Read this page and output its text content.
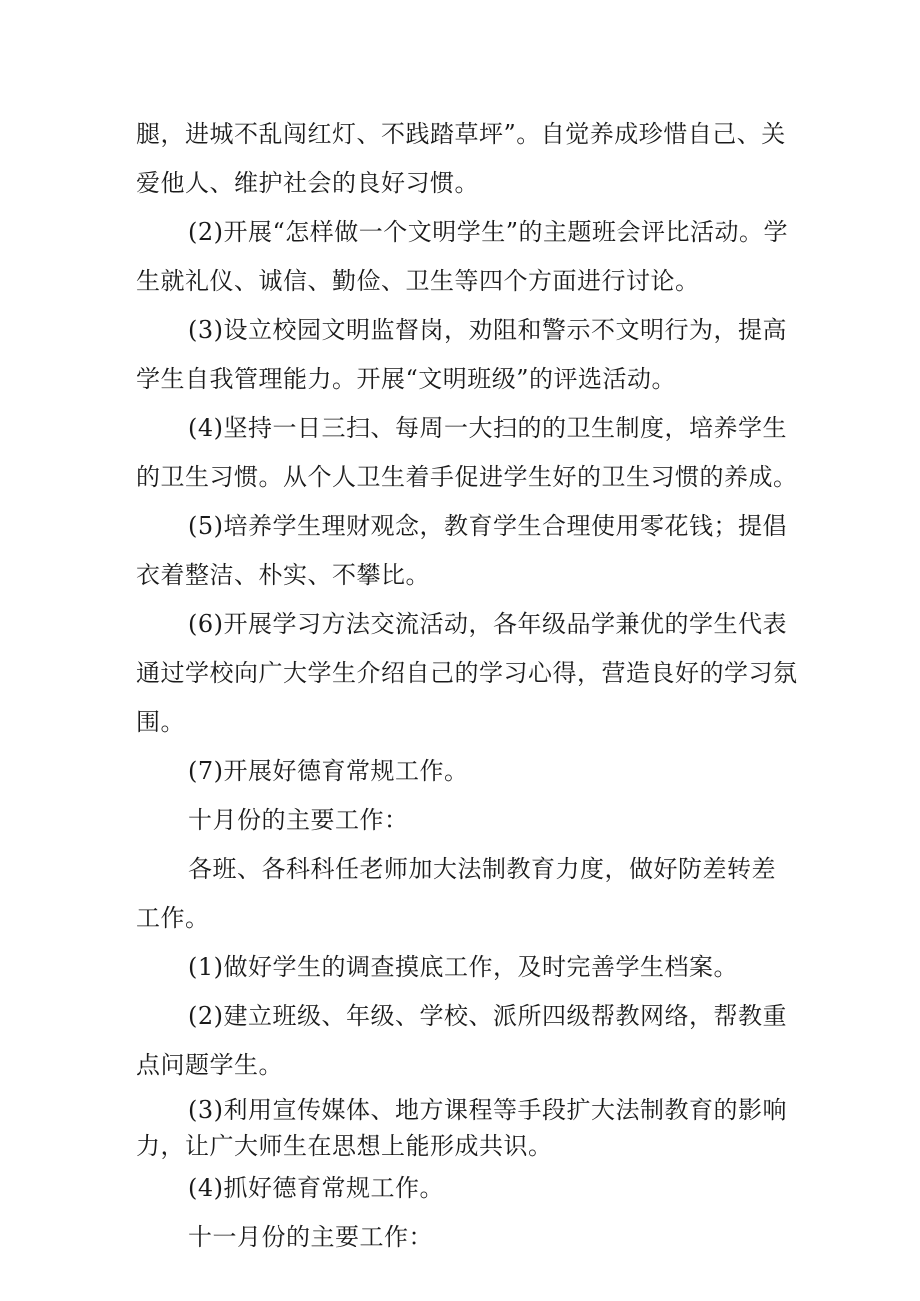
腿，进城不乱闯红灯、不践踏草坪”。自觉养成珍惜自己、关爱他人、维护社会的良好习惯。

(2)开展“怎样做一个文明学生”的主题班会评比活动。学生就礼仪、诚信、勤俭、卫生等四个方面进行讨论。

(3)设立校园文明监督岗，劝阻和警示不文明行为，提高学生自我管理能力。开展“文明班级”的评选活动。

(4)坚持一日三扫、每周一大扫的的卫生制度，培养学生的卫生习惯。从个人卫生着手促进学生好的卫生习惯的养成。

(5)培养学生理财观念，教育学生合理使用零花钱；提倡衣着整洁、朴实、不攀比。

(6)开展学习方法交流活动，各年级品学兼优的学生代表通过学校向广大学生介绍自己的学习心得，营造良好的学习氛围。

(7)开展好德育常规工作。

十月份的主要工作：

各班、各科科任老师加大法制教育力度，做好防差转差工作。

(1)做好学生的调查摸底工作，及时完善学生档案。

(2)建立班级、年级、学校、派所四级帮教网络，帮教重点问题学生。

(3)利用宣传媒体、地方课程等手段扩大法制教育的影响力，让广大师生在思想上能形成共识。

(4)抓好德育常规工作。

十一月份的主要工作：
